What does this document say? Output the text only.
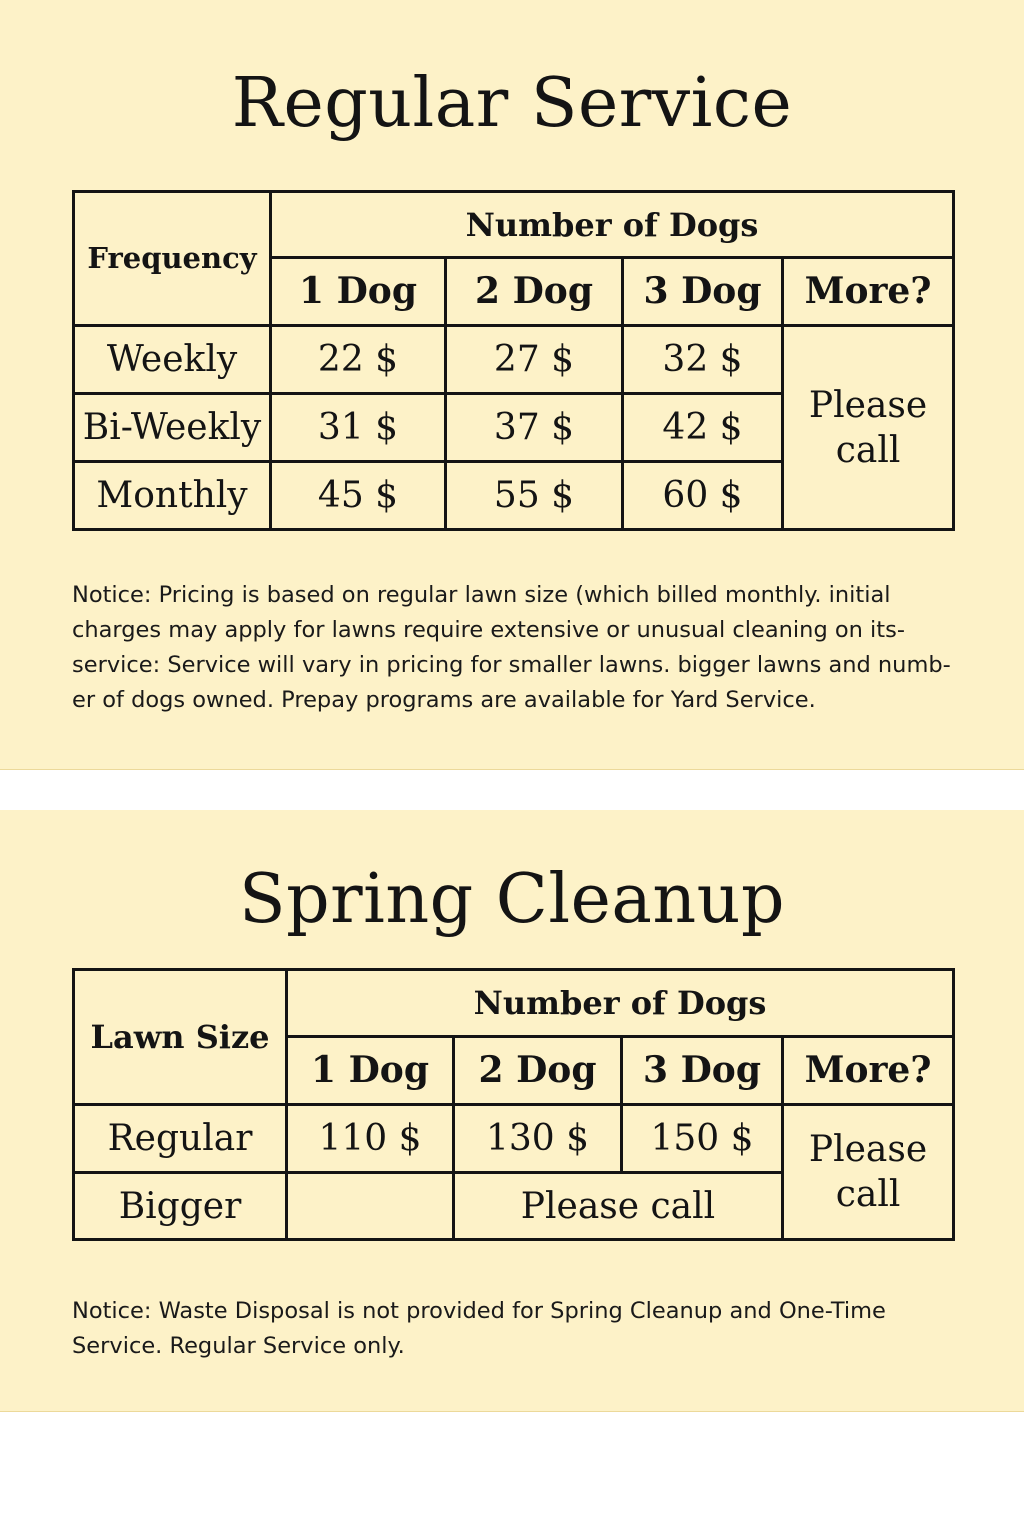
Regular Service
Frequency	Number of Dogs			
	1 Dog	2 Dog	3 Dog	More?
Weekly	22 $	27 $	32 $	Please call
Bi-Weekly	31 $	37 $	42 $	
Monthly	45 $	55 $	60 $	

Notice: Pricing is based on regular lawn size (which billed monthly. initial charges may apply for lawns require extensive or unusual cleaning on its- service: Service will vary in pricing for smaller lawns. bigger lawns and numb- er of dogs owned. Prepay programs are available for Yard Service.

Spring Cleanup
Lawn Size	Number of Dogs			
	1 Dog	2 Dog	3 Dog	More?
Regular	110 $	130 $	150 $	Please call
Bigger		Please call		

Notice: Waste Disposal is not provided for Spring Cleanup and One-Time Service. Regular Service only.
